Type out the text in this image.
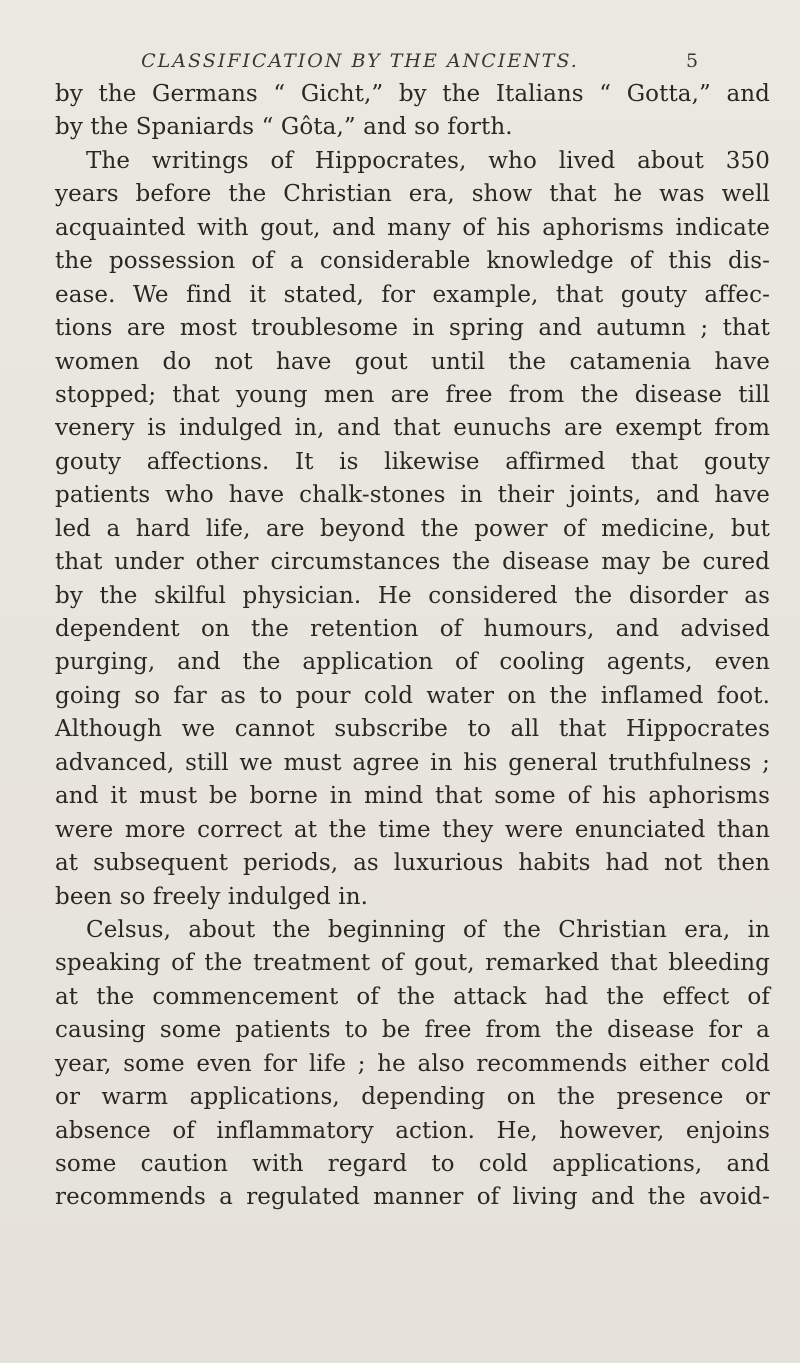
CLASSIFICATION BY THE ANCIENTS.	5
by the Germans “ Gicht,” by the Italians “ Gotta,” and
by the Spaniards “ Gôta,” and so forth.
The writings of Hippocrates, who lived about 350
years before the Christian era, show that he was well
acquainted with gout, and many of his aphorisms indicate
the possession of a considerable knowledge of this dis-
ease. We find it stated, for example, that gouty affec-
tions are most troublesome in spring and autumn ; that
women do not have gout until the catamenia have
stopped; that young men are free from the disease till
venery is indulged in, and that eunuchs are exempt from
gouty affections. It is likewise affirmed that gouty
patients who have chalk-stones in their joints, and have
led a hard life, are beyond the power of medicine, but
that under other circumstances the disease may be cured
by the skilful physician. He considered the disorder as
dependent on the retention of humours, and advised
purging, and the application of cooling agents, even
going so far as to pour cold water on the inflamed foot.
Although we cannot subscribe to all that Hippocrates
advanced, still we must agree in his general truthfulness ;
and it must be borne in mind that some of his aphorisms
were more correct at the time they were enunciated than
at subsequent periods, as luxurious habits had not then
been so freely indulged in.
Celsus, about the beginning of the Christian era, in
speaking of the treatment of gout, remarked that bleeding
at the commencement of the attack had the effect of
causing some patients to be free from the disease for a
year, some even for life ; he also recommends either cold
or warm applications, depending on the presence or
absence of inflammatory action. He, however, enjoins
some caution with regard to cold applications, and
recommends a regulated manner of living and the avoid-
